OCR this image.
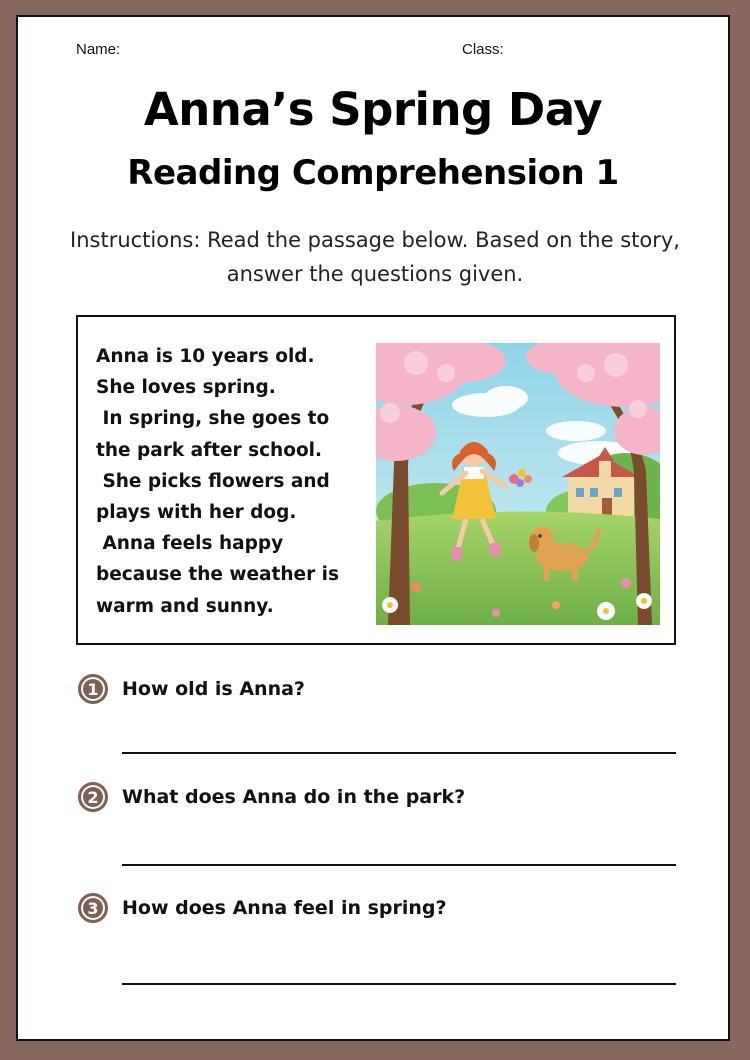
Name:	Class:
Anna’s Spring Day
Reading Comprehension 1
Instructions: Read the passage below. Based on the story, answer the questions given.
Anna is 10 years old.
She loves spring.
In spring, she goes to
the park after school.
She picks flowers and
plays with her dog.
Anna feels happy
because the weather is
warm and sunny.
1	How old is Anna?
2	What does Anna do in the park?
3	How does Anna feel in spring?
